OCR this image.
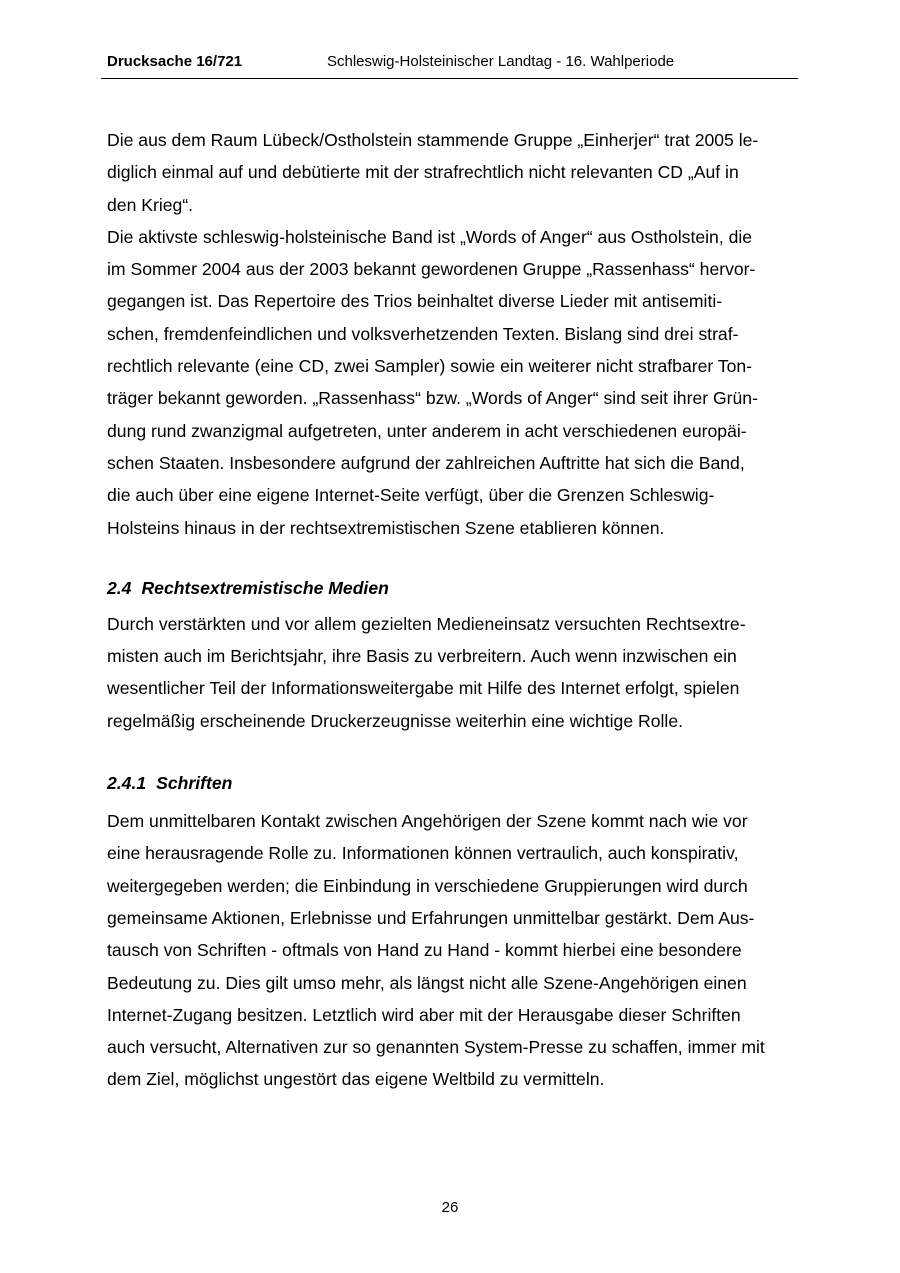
Drucksache 16/721	Schleswig-Holsteinischer Landtag - 16. Wahlperiode

Die aus dem Raum Lübeck/Ostholstein stammende Gruppe „Einherjer“ trat 2005 le-
diglich einmal auf und debütierte mit der strafrechtlich nicht relevanten CD „Auf in
den Krieg“.

Die aktivste schleswig-holsteinische Band ist „Words of Anger“ aus Ostholstein, die
im Sommer 2004 aus der 2003 bekannt gewordenen Gruppe „Rassenhass“ hervor-
gegangen ist. Das Repertoire des Trios beinhaltet diverse Lieder mit antisemiti-
schen, fremdenfeindlichen und volksverhetzenden Texten. Bislang sind drei straf-
rechtlich relevante (eine CD, zwei Sampler) sowie ein weiterer nicht strafbarer Ton-
träger bekannt geworden. „Rassenhass“ bzw. „Words of Anger“ sind seit ihrer Grün-
dung rund zwanzigmal aufgetreten, unter anderem in acht verschiedenen europäi-
schen Staaten. Insbesondere aufgrund der zahlreichen Auftritte hat sich die Band,
die auch über eine eigene Internet-Seite verfügt, über die Grenzen Schleswig-
Holsteins hinaus in der rechtsextremistischen Szene etablieren können.

2.4 Rechtsextremistische Medien

Durch verstärkten und vor allem gezielten Medieneinsatz versuchten Rechtsextre-
misten auch im Berichtsjahr, ihre Basis zu verbreitern. Auch wenn inzwischen ein
wesentlicher Teil der Informationsweitergabe mit Hilfe des Internet erfolgt, spielen
regelmäßig erscheinende Druckerzeugnisse weiterhin eine wichtige Rolle.

2.4.1 Schriften

Dem unmittelbaren Kontakt zwischen Angehörigen der Szene kommt nach wie vor
eine herausragende Rolle zu. Informationen können vertraulich, auch konspirativ,
weitergegeben werden; die Einbindung in verschiedene Gruppierungen wird durch
gemeinsame Aktionen, Erlebnisse und Erfahrungen unmittelbar gestärkt. Dem Aus-
tausch von Schriften - oftmals von Hand zu Hand - kommt hierbei eine besondere
Bedeutung zu. Dies gilt umso mehr, als längst nicht alle Szene-Angehörigen einen
Internet-Zugang besitzen. Letztlich wird aber mit der Herausgabe dieser Schriften
auch versucht, Alternativen zur so genannten System-Presse zu schaffen, immer mit
dem Ziel, möglichst ungestört das eigene Weltbild zu vermitteln.

26
